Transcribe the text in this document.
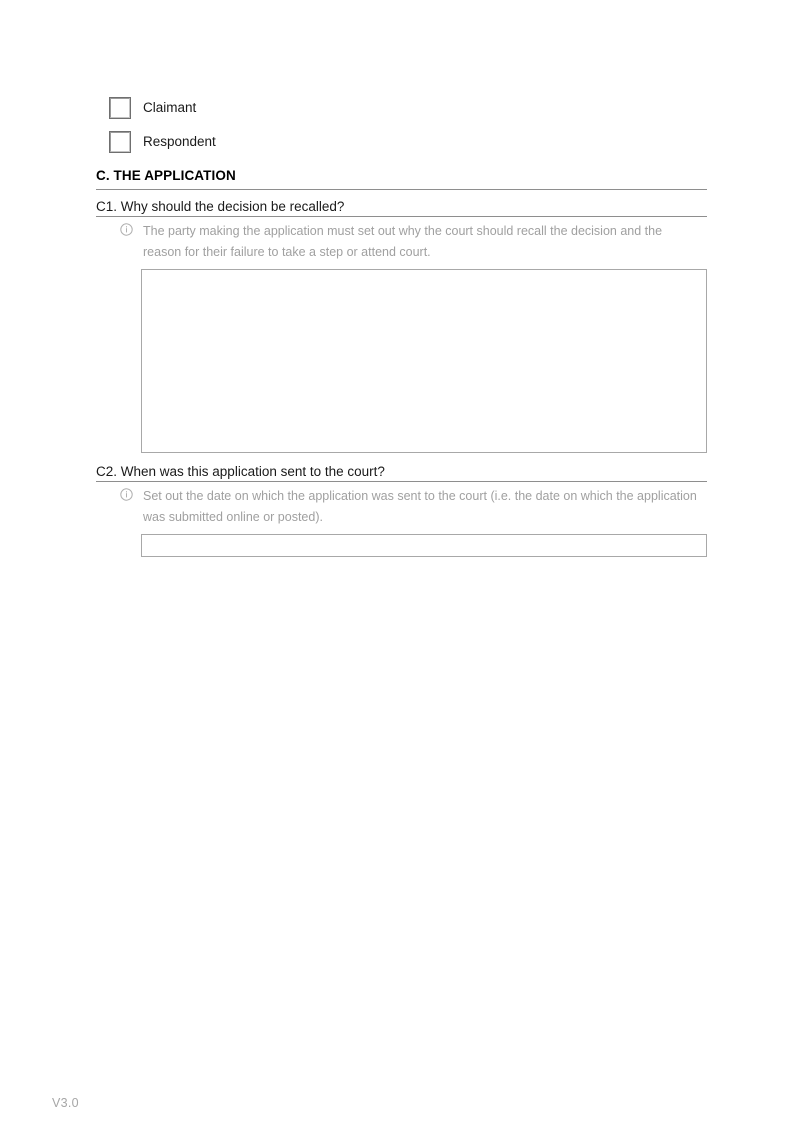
Claimant
Respondent
C. THE APPLICATION
C1. Why should the decision be recalled?
The party making the application must set out why the court should recall the decision and the reason for their failure to take a step or attend court.
C2. When was this application sent to the court?
Set out the date on which the application was sent to the court (i.e. the date on which the application was submitted online or posted).
V3.0
